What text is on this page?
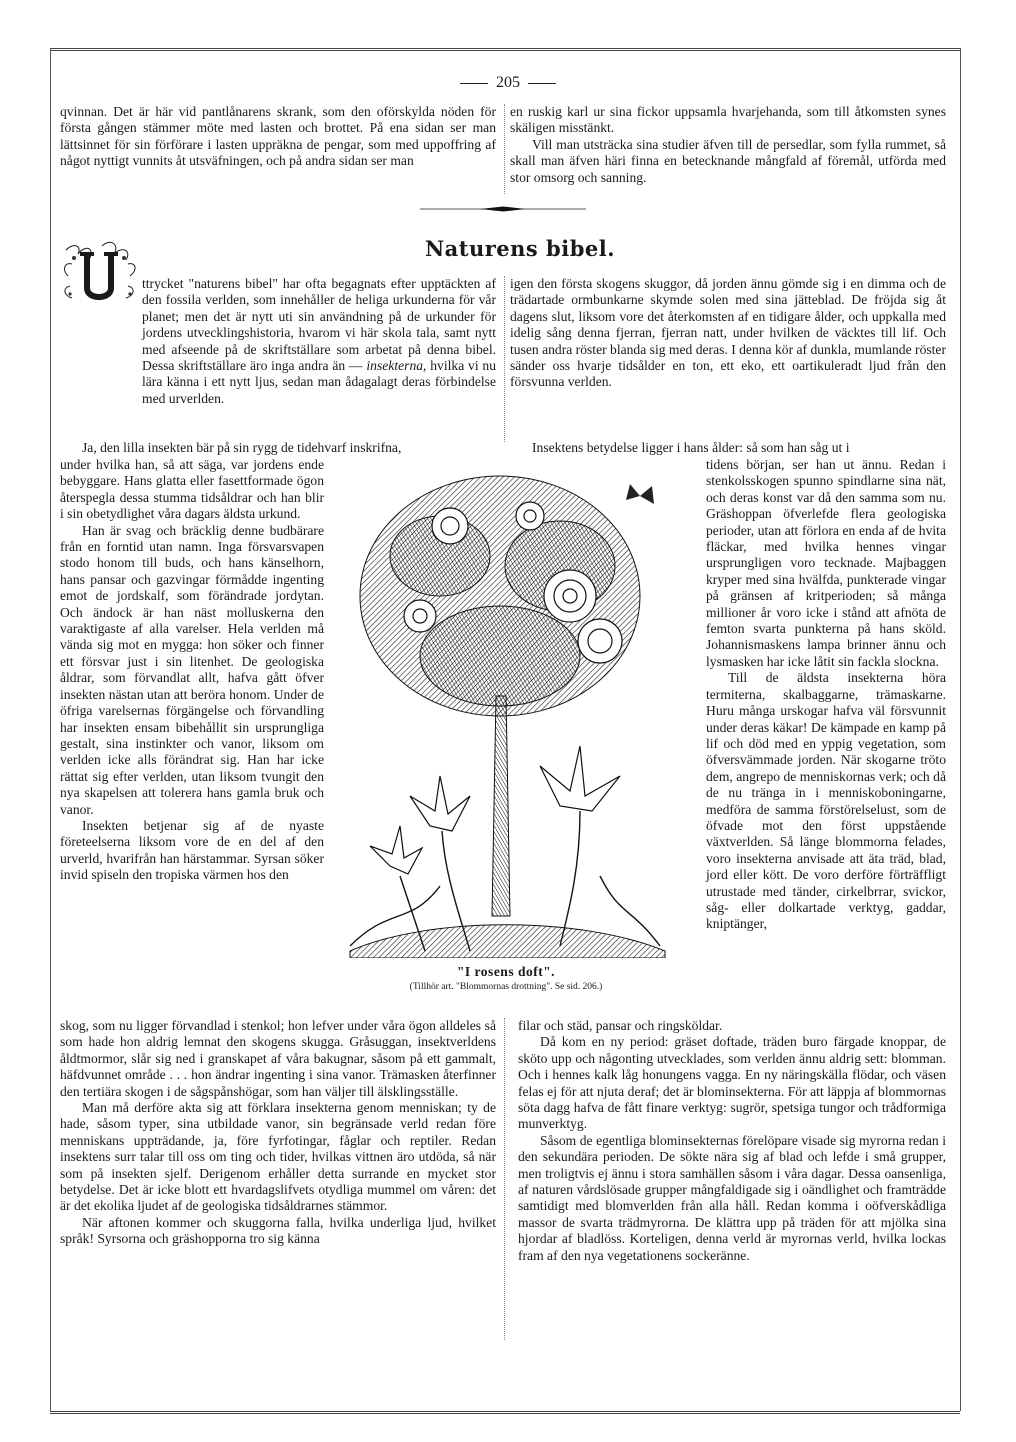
205

qvinnan. Det är här vid pantlånarens skrank, som den oförskylda nöden för första gången stämmer möte med lasten och brottet. På ena sidan ser man lättsinnet för sin förförare i lasten uppräkna de pengar, som med uppoffring af något nyttigt vunnits åt utsväfningen, och på andra sidan ser man

en ruskig karl ur sina fickor uppsamla hvarjehanda, som till åtkomsten synes skäligen misstänkt.

Vill man utsträcka sina studier äfven till de persedlar, som fylla rummet, så skall man äfven häri finna en betecknande mångfald af föremål, utförda med stor omsorg och sanning.

Naturens bibel.

ttrycket "naturens bibel" har ofta begagnats efter upptäckten af den fossila verlden, som innehåller de heliga urkunderna för vår planet; men det är nytt uti sin användning på de urkunder för jordens utvecklingshistoria, hvarom vi här skola tala, samt nytt med afseende på de skriftställare som arbetat på denna bibel. Dessa skriftställare äro inga andra än — insekterna, hvilka vi nu lära känna i ett nytt ljus, sedan man ådagalagt deras förbindelse med urverlden.

igen den första skogens skuggor, då jorden ännu gömde sig i en dimma och de trädartade ormbunkarne skymde solen med sina jätteblad. De fröjda sig åt dagens slut, liksom vore det återkomsten af en tidigare ålder, och uppkalla med idelig sång denna fjerran, fjerran natt, under hvilken de väcktes till lif. Och tusen andra röster blanda sig med deras. I denna kör af dunkla, mumlande röster sänder oss hvarje tidsålder en ton, ett eko, ett oartikuleradt ljud från den försvunna verlden.

Ja, den lilla insekten bär på sin rygg de tidehvarf inskrifna,	Insektens betydelse ligger i hans ålder: så som han såg ut i

under hvilka han, så att säga, var jordens ende bebyggare. Hans glatta eller fasettformade ögon återspegla dessa stumma tidsåldrar och han blir i sin obetydlighet våra dagars äldsta urkund.

Han är svag och bräcklig denne budbärare från en forntid utan namn. Inga försvarsvapen stodo honom till buds, och hans känselhorn, hans pansar och gazvingar förmådde ingenting emot de jordskalf, som förändrade jordytan. Och ändock är han näst molluskerna den varaktigaste af alla varelser. Hela verlden må vända sig mot en mygga: hon söker och finner ett försvar just i sin litenhet. De geologiska åldrar, som förvandlat allt, hafva gått öfver insekten nästan utan att beröra honom. Under de öfriga varelsernas förgängelse och förvandling har insekten ensam bibehållit sin ursprungliga gestalt, sina instinkter och vanor, liksom om verlden icke alls förändrat sig. Han har icke rättat sig efter verlden, utan liksom tvungit den nya skapelsen att tolerera hans gamla bruk och vanor.

Insekten betjenar sig af de nyaste företeelserna liksom vore de en del af den urverld, hvarifrån han härstammar. Syrsan söker invid spiseln den tropiska värmen hos den

tidens början, ser han ut ännu. Redan i stenkolsskogen spunno spindlarne sina nät, och deras konst var då den samma som nu. Gräshoppan öfverlefde flera geologiska perioder, utan att förlora en enda af de hvita fläckar, med hvilka hennes vingar ursprungligen voro tecknade. Majbaggen kryper med sina hvälfda, punkterade vingar på gränsen af kritperioden; så många millioner år voro icke i stånd att afnöta de femton svarta punkterna på hans sköld. Johannismaskens lampa brinner ännu och lysmasken har icke låtit sin fackla slockna.

Till de äldsta insekterna höra termiterna, skalbaggarne, trämaskarne. Huru många urskogar hafva väl försvunnit under deras käkar! De kämpade en kamp på lif och död med en yppig vegetation, som öfversvämmade jorden. När skogarne tröto dem, angrepo de menniskornas verk; och då de nu tränga in i menniskoboningarne, medföra de samma förstörelselust, som de öfvade mot den först uppstående växtverlden. Så länge blommorna felades, voro insekterna anvisade att äta träd, blad, jord eller kött. De voro derföre förträffligt utrustade med tänder, cirkelbrrar, svickor, såg- eller dolkartade verktyg, gaddar, kniptänger,

"I rosens doft".
(Tillhör art. "Blommornas drottning". Se sid. 206.)

skog, som nu ligger förvandlad i stenkol; hon lefver under våra ögon alldeles så som hade hon aldrig lemnat den skogens skugga. Gråsuggan, insektverldens åldtmormor, slår sig ned i granskapet af våra bakugnar, såsom på ett gammalt, häfdvunnet område . . . hon ändrar ingenting i sina vanor. Trämasken återfinner den tertiära skogen i de sågspånshögar, som han väljer till älsklingsställe.

Man må derföre akta sig att förklara insekterna genom menniskan; ty de hade, såsom typer, sina utbildade vanor, sin begränsade verld redan före menniskans uppträdande, ja, före fyrfotingar, fåglar och reptiler. Redan insektens surr talar till oss om ting och tider, hvilkas vittnen äro utdöda, så när som på insekten sjelf. Derigenom erhåller detta surrande en mycket stor betydelse. Det är icke blott ett hvardagslifvets otydliga mummel om våren: det är det ekolika ljudet af de geologiska tidsåldrarnes stämmor.

När aftonen kommer och skuggorna falla, hvilka underliga ljud, hvilket språk! Syrsorna och gräshopporna tro sig känna

filar och städ, pansar och ringsköldar.

Då kom en ny period: gräset doftade, träden buro färgade knoppar, de sköto upp och någonting utvecklades, som verlden ännu aldrig sett: blomman. Och i hennes kalk låg honungens vagga. En ny näringskälla flödar, och väsen felas ej för att njuta deraf; det är blominsekterna. För att läppja af blommornas söta dagg hafva de fått finare verktyg: sugrör, spetsiga tungor och trådformiga munverktyg.

Såsom de egentliga blominsekternas förelöpare visade sig myrorna redan i den sekundära perioden. De sökte nära sig af blad och lefde i små grupper, men troligtvis ej ännu i stora samhällen såsom i våra dagar. Dessa oansenliga, af naturen vårdslösade grupper mångfaldigade sig i oändlighet och framträdde samtidigt med blomverlden från alla håll. Redan komma i oöfverskådliga massor de svarta trädmyrorna. De klättra upp på träden för att mjölka sina hjordar af bladlöss. Korteligen, denna verld är myrornas verld, hvilka lockas fram af den nya vegetationens sockeränne.
